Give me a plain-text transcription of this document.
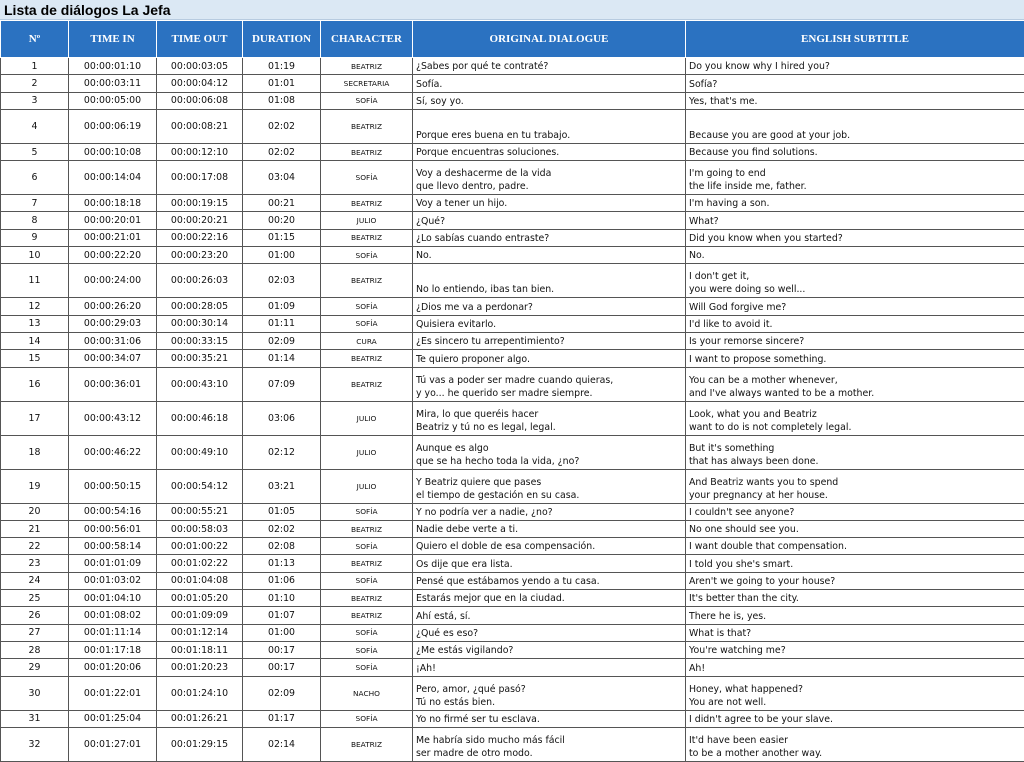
Lista de diálogos La Jefa
Nº	TIME IN	TIME OUT	DURATION	CHARACTER	ORIGINAL DIALOGUE	ENGLISH SUBTITLE
1	00:00:01:10	00:00:03:05	01:19	BEATRIZ	¿Sabes por qué te contraté?	Do you know why I hired you?

2	00:00:03:11	00:00:04:12	01:01	SECRETARIA	Sofía.	Sofía?

3	00:00:05:00	00:00:06:08	01:08	SOFÍA	Sí, soy yo.	Yes, that's me.

4	00:00:06:19	00:00:08:21	02:02	BEATRIZ	Porque eres buena en tu trabajo.	Because you are good at your job.

5	00:00:10:08	00:00:12:10	02:02	BEATRIZ	Porque encuentras soluciones.	Because you find solutions.

6	00:00:14:04	00:00:17:08	03:04	SOFÍA	Voy a deshacerme de la vida
que llevo dentro, padre.	I'm going to end
the life inside me, father.

7	00:00:18:18	00:00:19:15	00:21	BEATRIZ	Voy a tener un hijo.	I'm having a son.

8	00:00:20:01	00:00:20:21	00:20	JULIO	¿Qué?	What?

9	00:00:21:01	00:00:22:16	01:15	BEATRIZ	¿Lo sabías cuando entraste?	Did you know when you started?

10	00:00:22:20	00:00:23:20	01:00	SOFÍA	No.	No.

11	00:00:24:00	00:00:26:03	02:03	BEATRIZ	No lo entiendo, ibas tan bien.	I don't get it,
you were doing so well...

12	00:00:26:20	00:00:28:05	01:09	SOFÍA	¿Dios me va a perdonar?	Will God forgive me?

13	00:00:29:03	00:00:30:14	01:11	SOFÍA	Quisiera evitarlo.	I'd like to avoid it.

14	00:00:31:06	00:00:33:15	02:09	CURA	¿Es sincero tu arrepentimiento?	Is your remorse sincere?

15	00:00:34:07	00:00:35:21	01:14	BEATRIZ	Te quiero proponer algo.	I want to propose something.

16	00:00:36:01	00:00:43:10	07:09	BEATRIZ	Tú vas a poder ser madre cuando quieras,
y yo... he querido ser madre siempre.	You can be a mother whenever,
and I've always wanted to be a mother.

17	00:00:43:12	00:00:46:18	03:06	JULIO	Mira, lo que queréis hacer
Beatriz y tú no es legal, legal.	Look, what you and Beatriz
want to do is not completely legal.

18	00:00:46:22	00:00:49:10	02:12	JULIO	Aunque es algo
que se ha hecho toda la vida, ¿no?	But it's something
that has always been done.

19	00:00:50:15	00:00:54:12	03:21	JULIO	Y Beatriz quiere que pases
el tiempo de gestación en su casa.	And Beatriz wants you to spend
your pregnancy at her house.

20	00:00:54:16	00:00:55:21	01:05	SOFÍA	Y no podría ver a nadie, ¿no?	I couldn't see anyone?

21	00:00:56:01	00:00:58:03	02:02	BEATRIZ	Nadie debe verte a ti.	No one should see you.

22	00:00:58:14	00:01:00:22	02:08	SOFÍA	Quiero el doble de esa compensación.	I want double that compensation.

23	00:01:01:09	00:01:02:22	01:13	BEATRIZ	Os dije que era lista.	I told you she's smart.

24	00:01:03:02	00:01:04:08	01:06	SOFÍA	Pensé que estábamos yendo a tu casa.	Aren't we going to your house?

25	00:01:04:10	00:01:05:20	01:10	BEATRIZ	Estarás mejor que en la ciudad.	It's better than the city.

26	00:01:08:02	00:01:09:09	01:07	BEATRIZ	Ahí está, sí.	There he is, yes.

27	00:01:11:14	00:01:12:14	01:00	SOFÍA	¿Qué es eso?	What is that?

28	00:01:17:18	00:01:18:11	00:17	SOFÍA	¿Me estás vigilando?	You're watching me?

29	00:01:20:06	00:01:20:23	00:17	SOFÍA	¡Ah!	Ah!

30	00:01:22:01	00:01:24:10	02:09	NACHO	Pero, amor, ¿qué pasó?
Tú no estás bien.	Honey, what happened?
You are not well.

31	00:01:25:04	00:01:26:21	01:17	SOFÍA	Yo no firmé ser tu esclava.	I didn't agree to be your slave.

32	00:01:27:01	00:01:29:15	02:14	BEATRIZ	Me habría sido mucho más fácil
ser madre de otro modo.	It'd have been easier
to be a mother another way.
